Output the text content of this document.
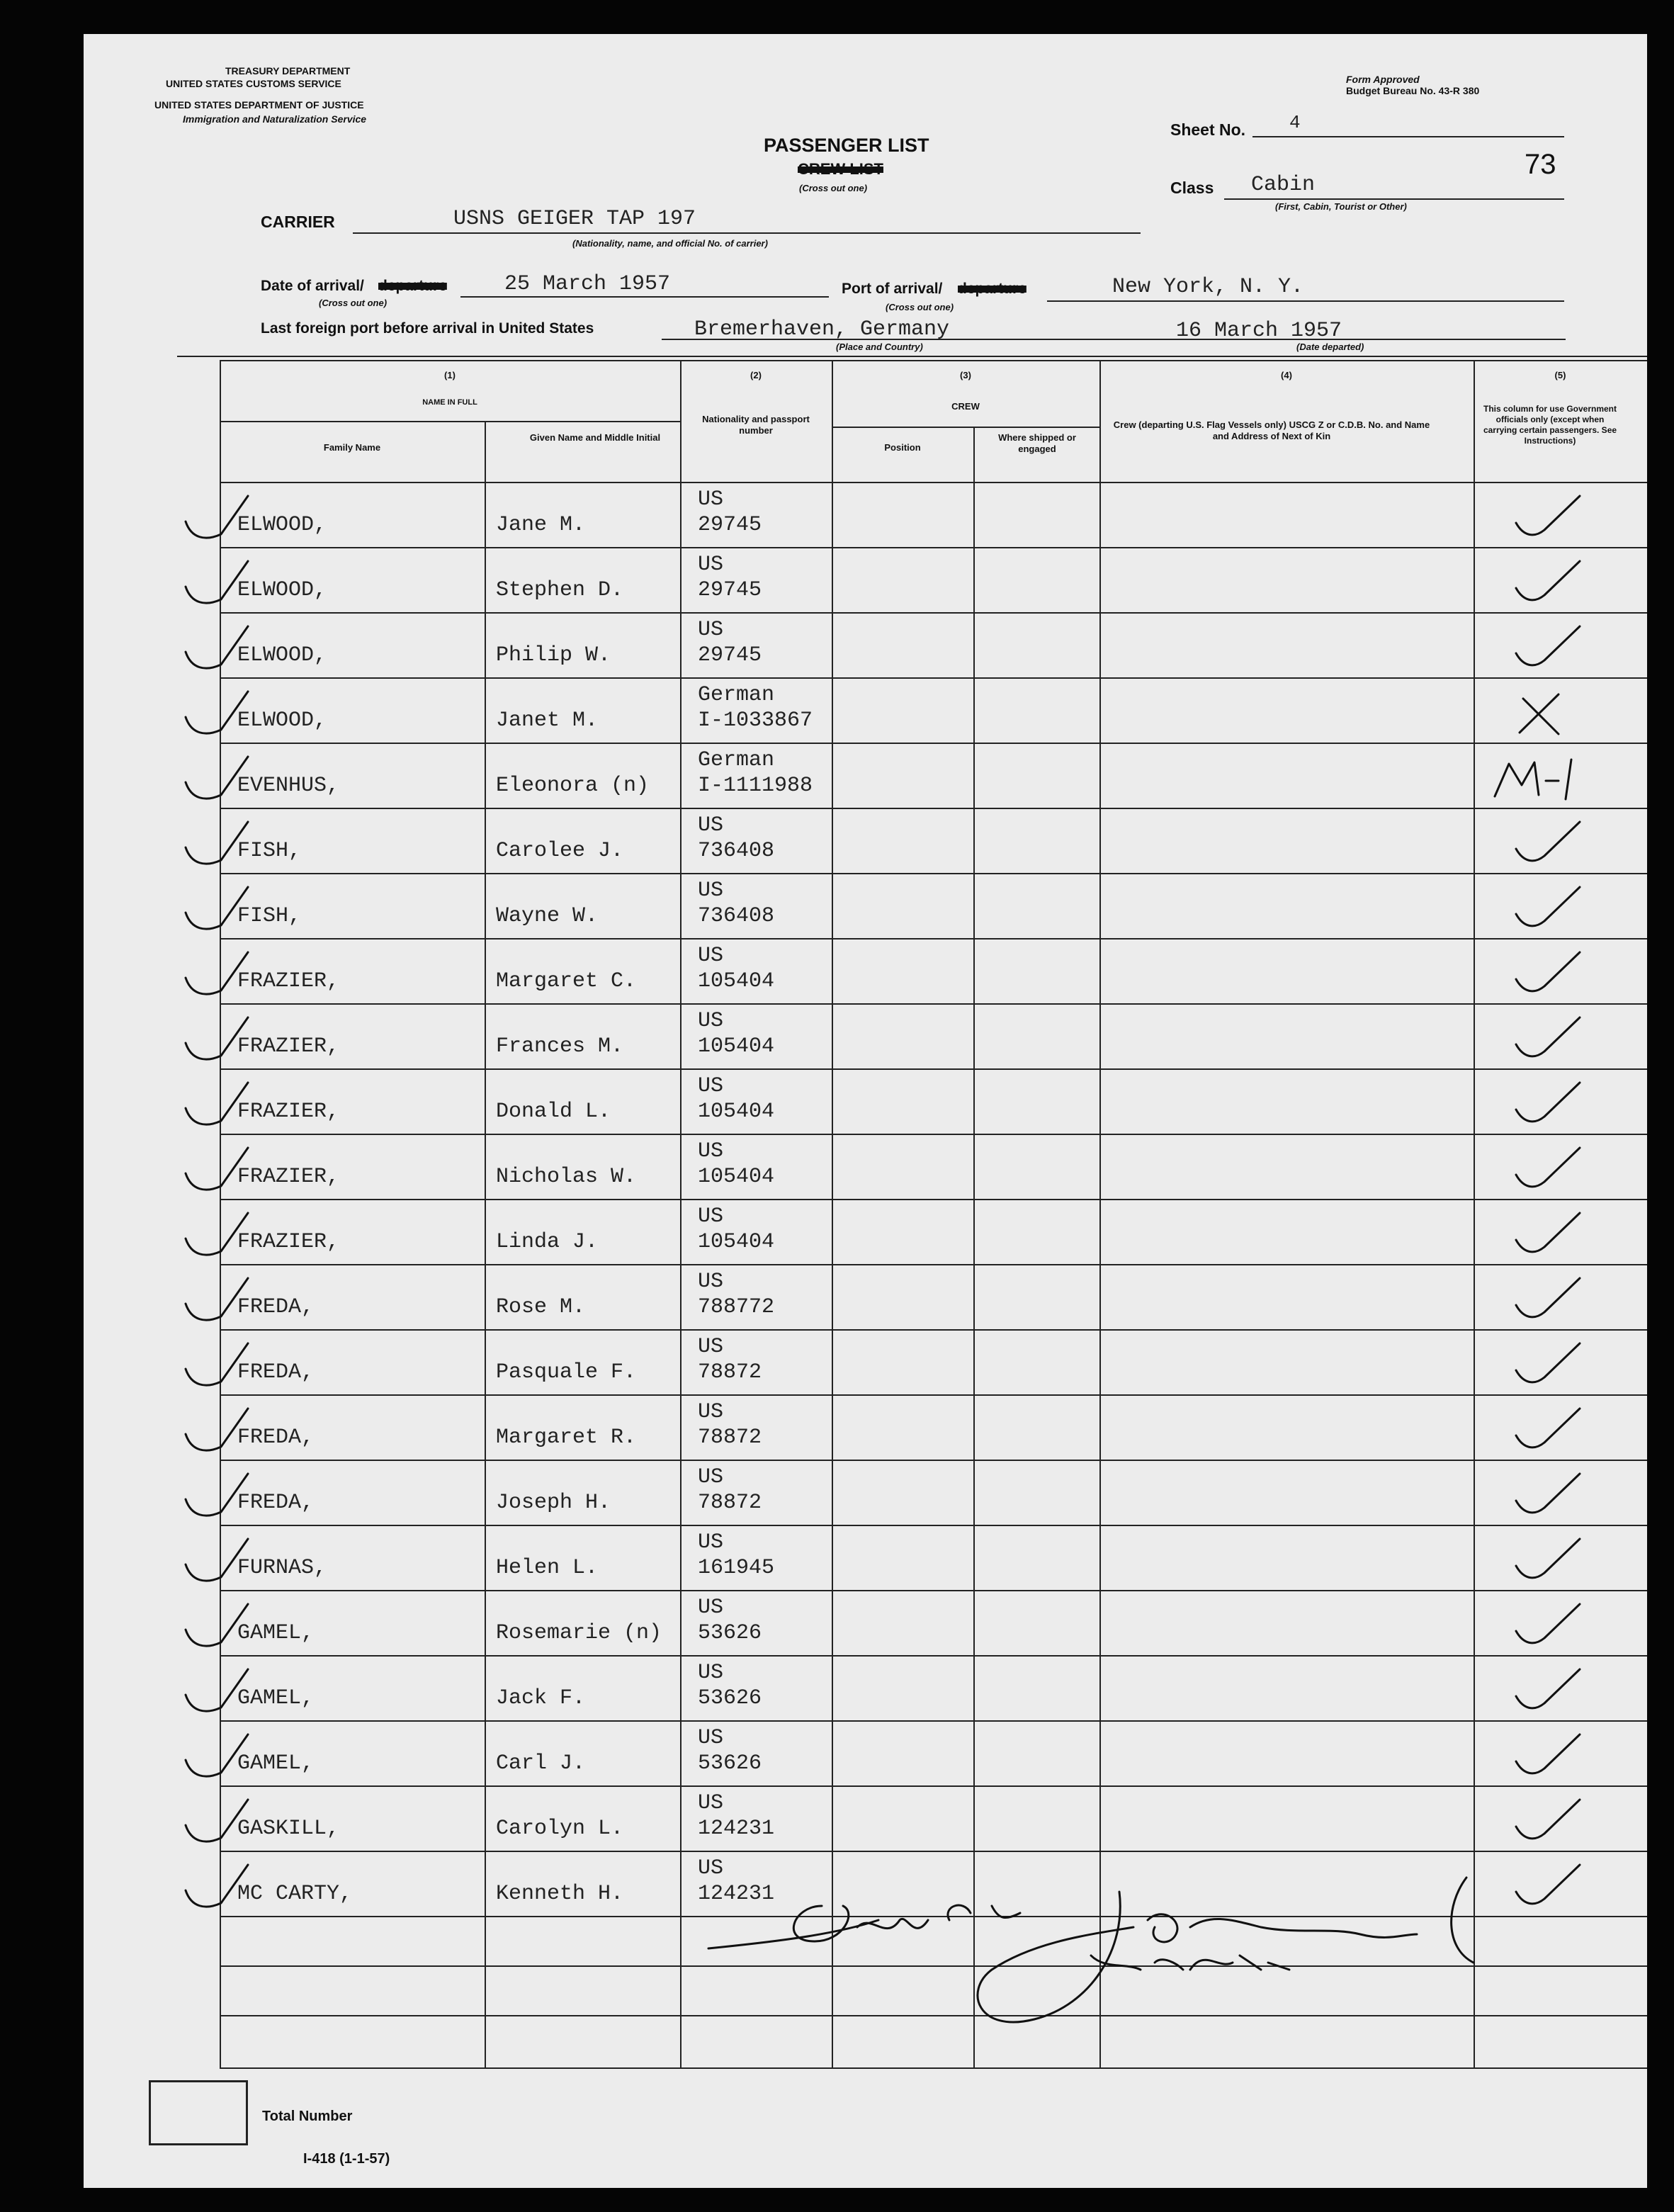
TREASURY DEPARTMENT
UNITED STATES CUSTOMS SERVICE
UNITED STATES DEPARTMENT OF JUSTICE
Immigration and Naturalization Service
Form Approved
Budget Bureau No. 43-R 380
PASSENGER LIST
CREW LIST
(Cross out one)
Sheet No. 4
73
Class Cabin
(First, Cabin, Tourist or Other)
CARRIER	USNS GEIGER TAP 197
(Nationality, name, and official No. of carrier)
Date of arrival/ departure	25 March 1957
(Cross out one)
Port of arrival/ departure	New York, N. Y.
(Cross out one)
Last foreign port before arrival in United States	Bremerhaven, Germany
(Place and Country)
16 March 1957
(Date departed)
(1)
NAME IN FULL
Family Name
Given Name and Middle Initial
(2)
Nationality and passport number
(3)
CREW
Position
Where shipped or engaged
(4)
Crew (departing U.S. Flag Vessels only) USCG Z or C.D.B. No. and Name and Address of Next of Kin
(5)
This column for use Government officials only (except when carrying certain passengers. See Instructions)
ELWOOD,	Jane M.
US
29745
ELWOOD,	Stephen D.
US
29745
ELWOOD,	Philip W.
US
29745
ELWOOD,	Janet M.
German
I-1033867
EVENHUS,	Eleonora (n)
German
I-1111988
FISH,	Carolee J.
US
736408
FISH,	Wayne W.
US
736408
FRAZIER,	Margaret C.
US
105404
FRAZIER,	Frances M.
US
105404
FRAZIER,	Donald L.
US
105404
FRAZIER,	Nicholas W.
US
105404
FRAZIER,	Linda J.
US
105404
FREDA,	Rose M.
US
788772
FREDA,	Pasquale F.
US
78872
FREDA,	Margaret R.
US
78872
FREDA,	Joseph H.
US
78872
FURNAS,	Helen L.
US
161945
GAMEL,	Rosemarie (n)
US
53626
GAMEL,	Jack F.
US
53626
GAMEL,	Carl J.
US
53626
GASKILL,	Carolyn L.
US
124231
MC CARTY,	Kenneth H.
US
124231
Total Number
I-418 (1-1-57)
